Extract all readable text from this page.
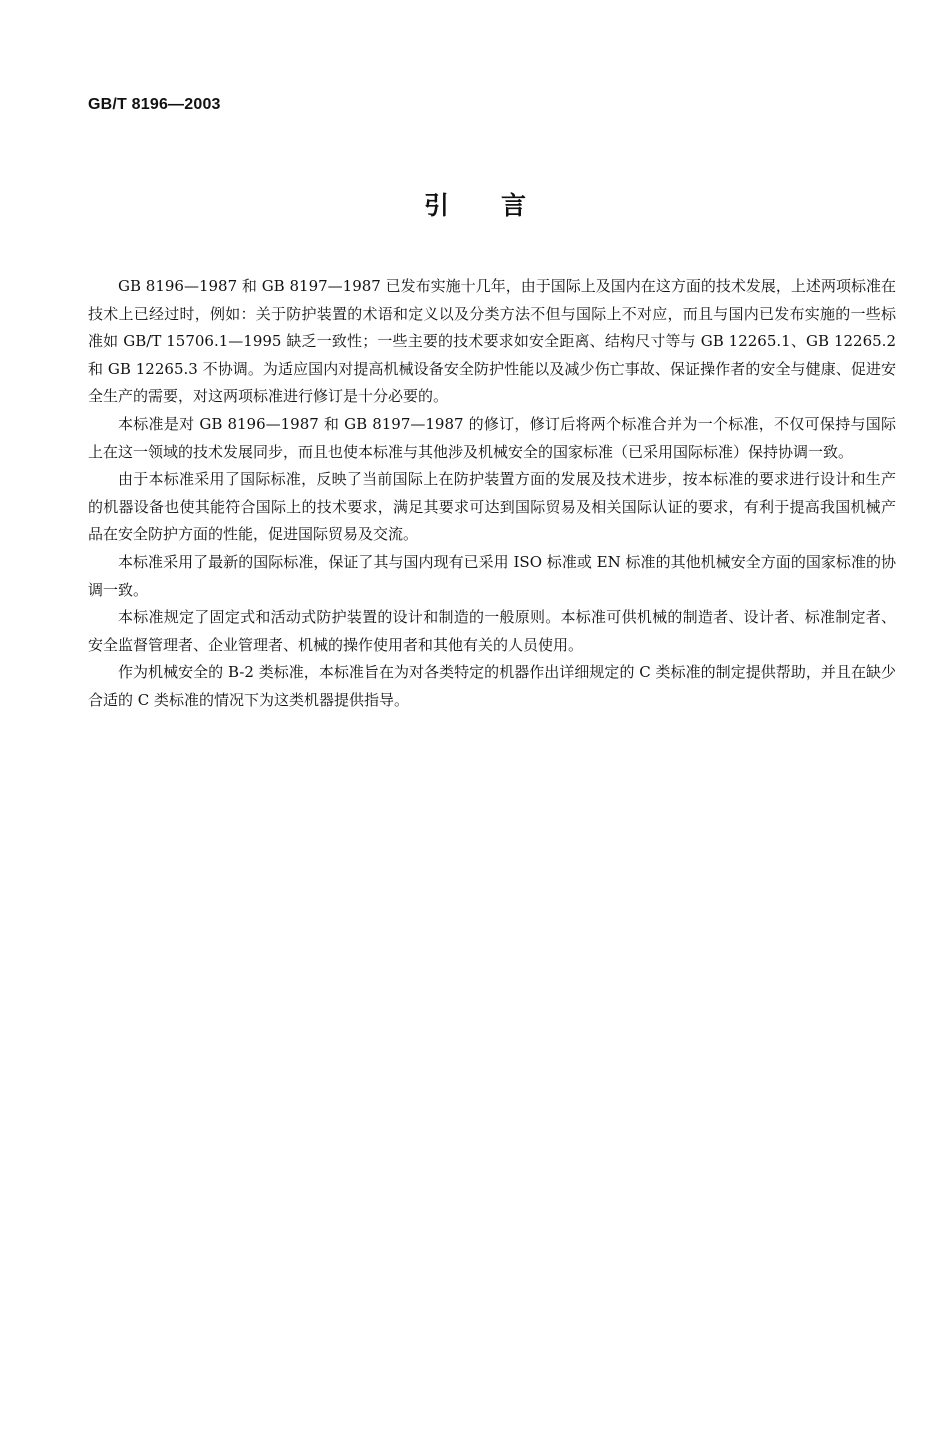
GB/T 8196—2003
引 言

GB 8196—1987 和 GB 8197—1987 已发布实施十几年，由于国际上及国内在这方面的技术发展，上述两项标准在技术上已经过时，例如：关于防护装置的术语和定义以及分类方法不但与国际上不对应，而且与国内已发布实施的一些标准如 GB/T 15706.1—1995 缺乏一致性；一些主要的技术要求如安全距离、结构尺寸等与 GB 12265.1、GB 12265.2 和 GB 12265.3 不协调。为适应国内对提高机械设备安全防护性能以及减少伤亡事故、保证操作者的安全与健康、促进安全生产的需要，对这两项标准进行修订是十分必要的。

本标准是对 GB 8196—1987 和 GB 8197—1987 的修订，修订后将两个标准合并为一个标准，不仅可保持与国际上在这一领域的技术发展同步，而且也使本标准与其他涉及机械安全的国家标准（已采用国际标准）保持协调一致。

由于本标准采用了国际标准，反映了当前国际上在防护装置方面的发展及技术进步，按本标准的要求进行设计和生产的机器设备也使其能符合国际上的技术要求，满足其要求可达到国际贸易及相关国际认证的要求，有利于提高我国机械产品在安全防护方面的性能，促进国际贸易及交流。

本标准采用了最新的国际标准，保证了其与国内现有已采用 ISO 标准或 EN 标准的其他机械安全方面的国家标准的协调一致。

本标准规定了固定式和活动式防护装置的设计和制造的一般原则。本标准可供机械的制造者、设计者、标准制定者、安全监督管理者、企业管理者、机械的操作使用者和其他有关的人员使用。

作为机械安全的 B-2 类标准，本标准旨在为对各类特定的机器作出详细规定的 C 类标准的制定提供帮助，并且在缺少合适的 C 类标准的情况下为这类机器提供指导。
